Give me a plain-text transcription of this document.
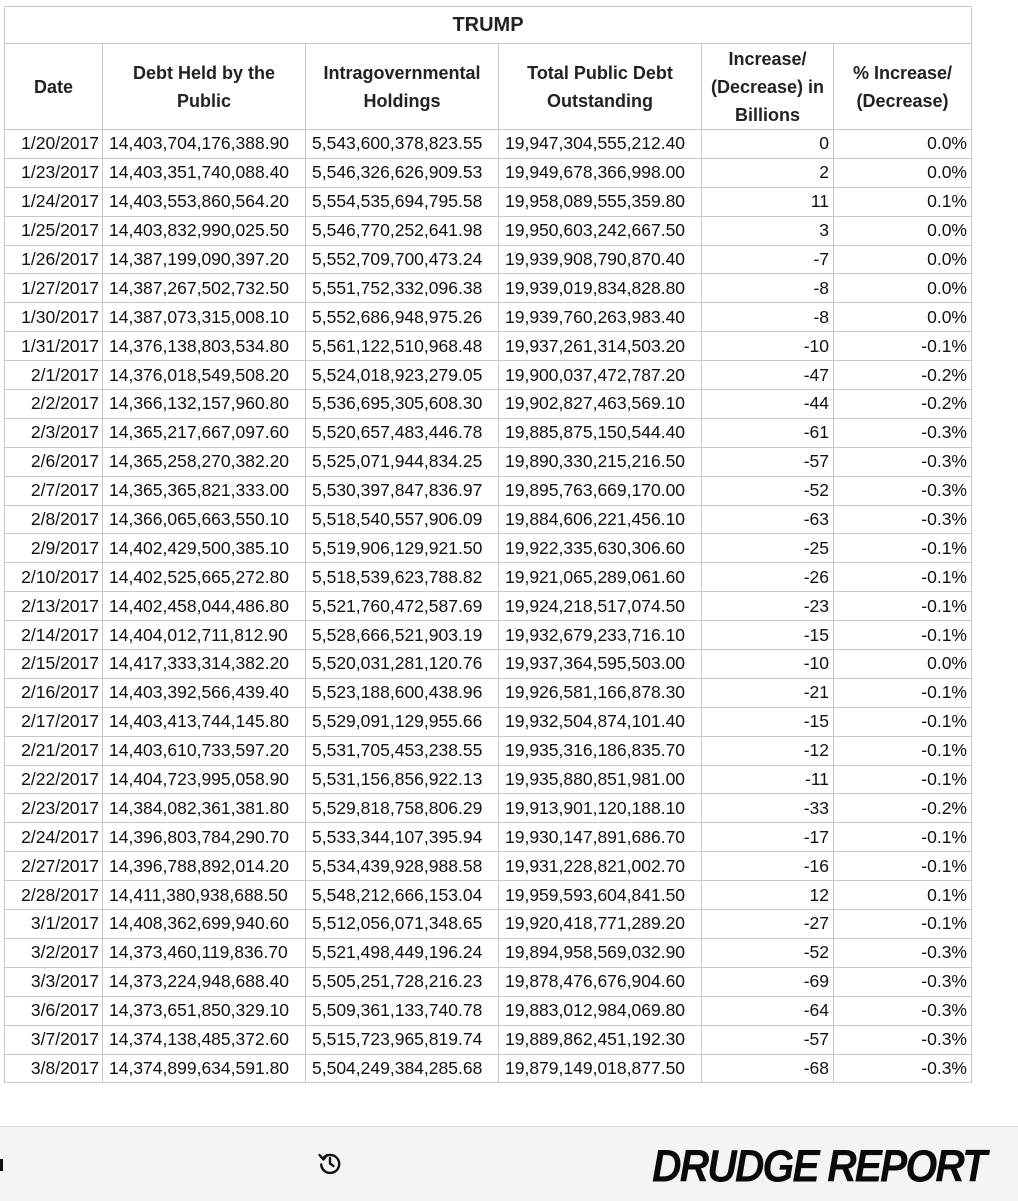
TRUMP					
Date	Debt Held by the Public	Intragovernmental Holdings	Total Public Debt Outstanding	Increase/ (Decrease) in Billions	% Increase/ (Decrease)
1/20/2017	14,403,704,176,388.90	5,543,600,378,823.55	19,947,304,555,212.40	0	0.0%
1/23/2017	14,403,351,740,088.40	5,546,326,626,909.53	19,949,678,366,998.00	2	0.0%
1/24/2017	14,403,553,860,564.20	5,554,535,694,795.58	19,958,089,555,359.80	11	0.1%
1/25/2017	14,403,832,990,025.50	5,546,770,252,641.98	19,950,603,242,667.50	3	0.0%
1/26/2017	14,387,199,090,397.20	5,552,709,700,473.24	19,939,908,790,870.40	-7	0.0%
1/27/2017	14,387,267,502,732.50	5,551,752,332,096.38	19,939,019,834,828.80	-8	0.0%
1/30/2017	14,387,073,315,008.10	5,552,686,948,975.26	19,939,760,263,983.40	-8	0.0%
1/31/2017	14,376,138,803,534.80	5,561,122,510,968.48	19,937,261,314,503.20	-10	-0.1%
2/1/2017	14,376,018,549,508.20	5,524,018,923,279.05	19,900,037,472,787.20	-47	-0.2%
2/2/2017	14,366,132,157,960.80	5,536,695,305,608.30	19,902,827,463,569.10	-44	-0.2%
2/3/2017	14,365,217,667,097.60	5,520,657,483,446.78	19,885,875,150,544.40	-61	-0.3%
2/6/2017	14,365,258,270,382.20	5,525,071,944,834.25	19,890,330,215,216.50	-57	-0.3%
2/7/2017	14,365,365,821,333.00	5,530,397,847,836.97	19,895,763,669,170.00	-52	-0.3%
2/8/2017	14,366,065,663,550.10	5,518,540,557,906.09	19,884,606,221,456.10	-63	-0.3%
2/9/2017	14,402,429,500,385.10	5,519,906,129,921.50	19,922,335,630,306.60	-25	-0.1%
2/10/2017	14,402,525,665,272.80	5,518,539,623,788.82	19,921,065,289,061.60	-26	-0.1%
2/13/2017	14,402,458,044,486.80	5,521,760,472,587.69	19,924,218,517,074.50	-23	-0.1%
2/14/2017	14,404,012,711,812.90	5,528,666,521,903.19	19,932,679,233,716.10	-15	-0.1%
2/15/2017	14,417,333,314,382.20	5,520,031,281,120.76	19,937,364,595,503.00	-10	0.0%
2/16/2017	14,403,392,566,439.40	5,523,188,600,438.96	19,926,581,166,878.30	-21	-0.1%
2/17/2017	14,403,413,744,145.80	5,529,091,129,955.66	19,932,504,874,101.40	-15	-0.1%
2/21/2017	14,403,610,733,597.20	5,531,705,453,238.55	19,935,316,186,835.70	-12	-0.1%
2/22/2017	14,404,723,995,058.90	5,531,156,856,922.13	19,935,880,851,981.00	-11	-0.1%
2/23/2017	14,384,082,361,381.80	5,529,818,758,806.29	19,913,901,120,188.10	-33	-0.2%
2/24/2017	14,396,803,784,290.70	5,533,344,107,395.94	19,930,147,891,686.70	-17	-0.1%
2/27/2017	14,396,788,892,014.20	5,534,439,928,988.58	19,931,228,821,002.70	-16	-0.1%
2/28/2017	14,411,380,938,688.50	5,548,212,666,153.04	19,959,593,604,841.50	12	0.1%
3/1/2017	14,408,362,699,940.60	5,512,056,071,348.65	19,920,418,771,289.20	-27	-0.1%
3/2/2017	14,373,460,119,836.70	5,521,498,449,196.24	19,894,958,569,032.90	-52	-0.3%
3/3/2017	14,373,224,948,688.40	5,505,251,728,216.23	19,878,476,676,904.60	-69	-0.3%
3/6/2017	14,373,651,850,329.10	5,509,361,133,740.78	19,883,012,984,069.80	-64	-0.3%
3/7/2017	14,374,138,485,372.60	5,515,723,965,819.74	19,889,862,451,192.30	-57	-0.3%
3/8/2017	14,374,899,634,591.80	5,504,249,384,285.68	19,879,149,018,877.50	-68	-0.3%
DRUDGE REPORT
